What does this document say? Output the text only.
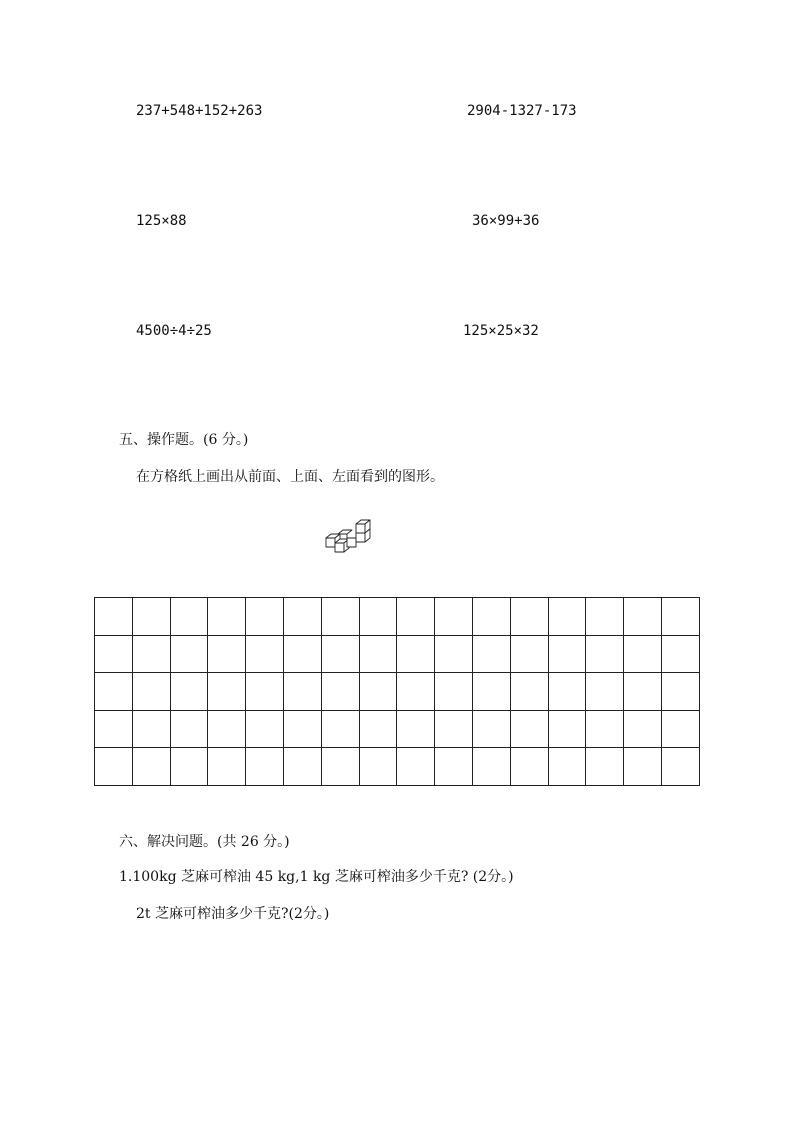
237+548+152+263	2904-1327-173
125×88	36×99+36
4500÷4÷25	125×25×32
五、操作题。(6 分。)
在方格纸上画出从前面、上面、左面看到的图形。

六、解决问题。(共 26 分。)
1.100kg 芝麻可榨油 45 kg,1 kg 芝麻可榨油多少千克? (2分。)
2t 芝麻可榨油多少千克?(2分。)
